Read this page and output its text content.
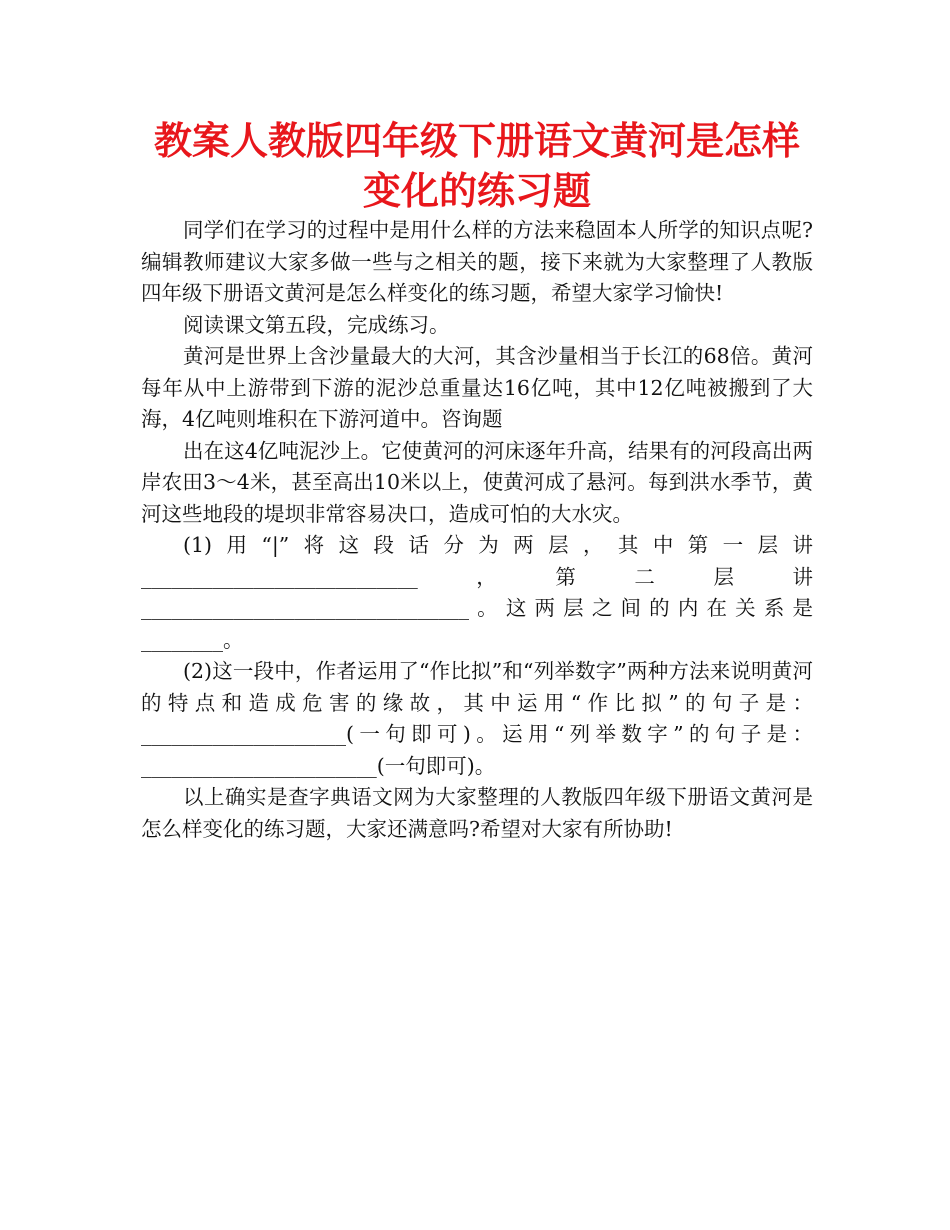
教案人教版四年级下册语文黄河是怎样变化的练习题

同学们在学习的过程中是用什么样的方法来稳固本人所学的知识点呢?编辑教师建议大家多做一些与之相关的题，接下来就为大家整理了人教版四年级下册语文黄河是怎么样变化的练习题，希望大家学习愉快!

阅读课文第五段，完成练习。

黄河是世界上含沙量最大的大河，其含沙量相当于长江的68倍。黄河每年从中上游带到下游的泥沙总重量达16亿吨，其中12亿吨被搬到了大海，4亿吨则堆积在下游河道中。咨询题

出在这4亿吨泥沙上。它使黄河的河床逐年升高，结果有的河段高出两岸农田3～4米，甚至高出10米以上，使黄河成了悬河。每到洪水季节，黄河这些地段的堤坝非常容易决口，造成可怕的大水灾。

(1)用“|”将这段话分为两层，其中第一层讲___________________________，第二层讲________________________________。这两层之间的内在关系是________。

(2)这一段中，作者运用了“作比拟”和“列举数字”两种方法来说明黄河的特点和造成危害的缘故，其中运用“作比拟”的句子是：____________________(一句即可)。运用“列举数字”的句子是：_______________________(一句即可)。

以上确实是查字典语文网为大家整理的人教版四年级下册语文黄河是怎么样变化的练习题，大家还满意吗?希望对大家有所协助!
